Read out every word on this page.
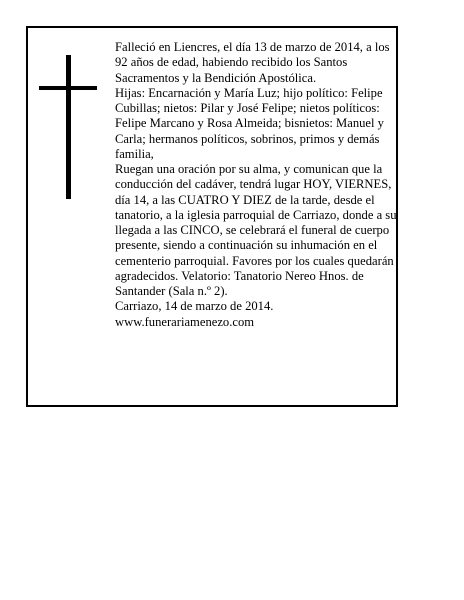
Falleció en Liencres, el día 13 de marzo de 2014, a los 92 años de edad, habiendo recibido los Santos Sacramentos y la Bendición Apostólica.

Hijas: Encarnación y María Luz; hijo político: Felipe Cubillas; nietos: Pilar y José Felipe; nietos políticos: Felipe Marcano y Rosa Almeida; bisnietos: Manuel y Carla; hermanos políticos, sobrinos, primos y demás familia,

Ruegan una oración por su alma, y comunican que la conducción del cadáver, tendrá lugar HOY, VIERNES, día 14, a las CUATRO Y DIEZ de la tarde, desde el tanatorio, a la iglesia parroquial de Carriazo, donde a su llegada a las CINCO, se celebrará el funeral de cuerpo presente, siendo a continuación su inhumación en el cementerio parroquial. Favores por los cuales quedarán agradecidos. Velatorio: Tanatorio Nereo Hnos. de Santander (Sala n.º 2).

Carriazo, 14 de marzo de 2014.

www.funerariamenezo.com
